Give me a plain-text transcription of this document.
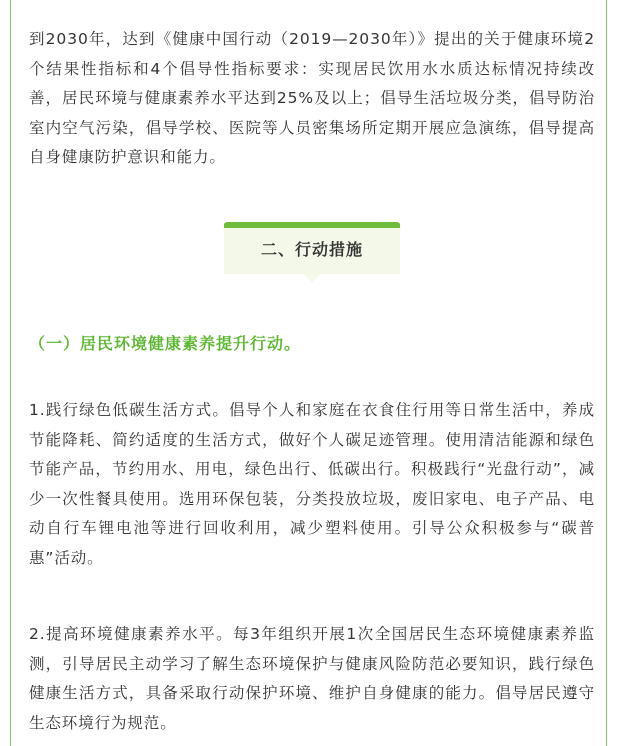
到2030年，达到《健康中国行动（2019—2030年）》提出的关于健康环境2个结果性指标和4个倡导性指标要求：实现居民饮用水水质达标情况持续改善，居民环境与健康素养水平达到25%及以上；倡导生活垃圾分类，倡导防治室内空气污染，倡导学校、医院等人员密集场所定期开展应急演练，倡导提高自身健康防护意识和能力。

二、行动措施

（一）居民环境健康素养提升行动。

1.践行绿色低碳生活方式。倡导个人和家庭在衣食住行用等日常生活中，养成节能降耗、简约适度的生活方式，做好个人碳足迹管理。使用清洁能源和绿色节能产品，节约用水、用电，绿色出行、低碳出行。积极践行“光盘行动”，减少一次性餐具使用。选用环保包装，分类投放垃圾，废旧家电、电子产品、电动自行车锂电池等进行回收利用，减少塑料使用。引导公众积极参与“碳普惠”活动。

2.提高环境健康素养水平。每3年组织开展1次全国居民生态环境健康素养监测，引导居民主动学习了解生态环境保护与健康风险防范必要知识，践行绿色健康生活方式，具备采取行动保护环境、维护自身健康的能力。倡导居民遵守生态环境行为规范。
